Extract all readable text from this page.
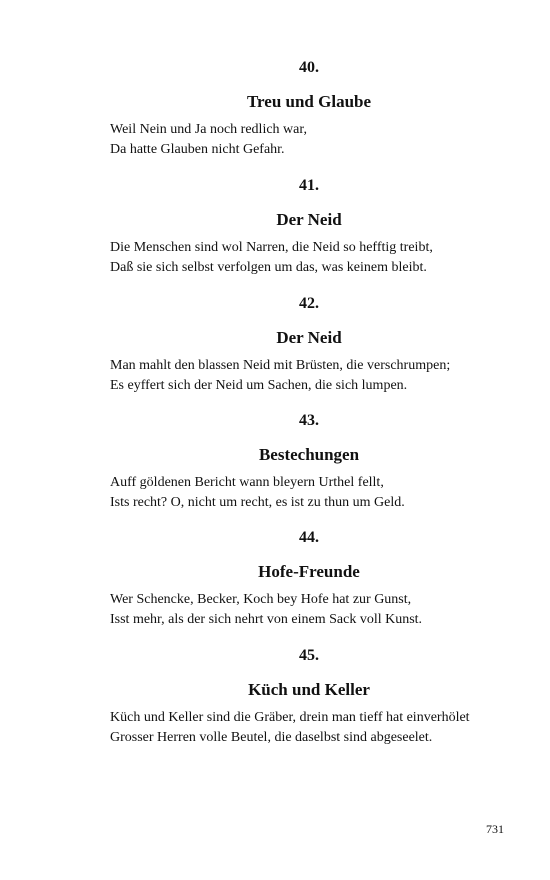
40.
Treu und Glaube
Weil Nein und Ja noch redlich war,
Da hatte Glauben nicht Gefahr.
41.
Der Neid
Die Menschen sind wol Narren, die Neid so hefftig treibt,
Daß sie sich selbst verfolgen um das, was keinem bleibt.
42.
Der Neid
Man mahlt den blassen Neid mit Brüsten, die verschrumpen;
Es eyffert sich der Neid um Sachen, die sich lumpen.
43.
Bestechungen
Auff göldenen Bericht wann bleyern Urthel fellt,
Ists recht? O, nicht um recht, es ist zu thun um Geld.
44.
Hofe-Freunde
Wer Schencke, Becker, Koch bey Hofe hat zur Gunst,
Isst mehr, als der sich nehrt von einem Sack voll Kunst.
45.
Küch und Keller
Küch und Keller sind die Gräber, drein man tieff hat einverhölet
Grosser Herren volle Beutel, die daselbst sind abgeseelet.
731
